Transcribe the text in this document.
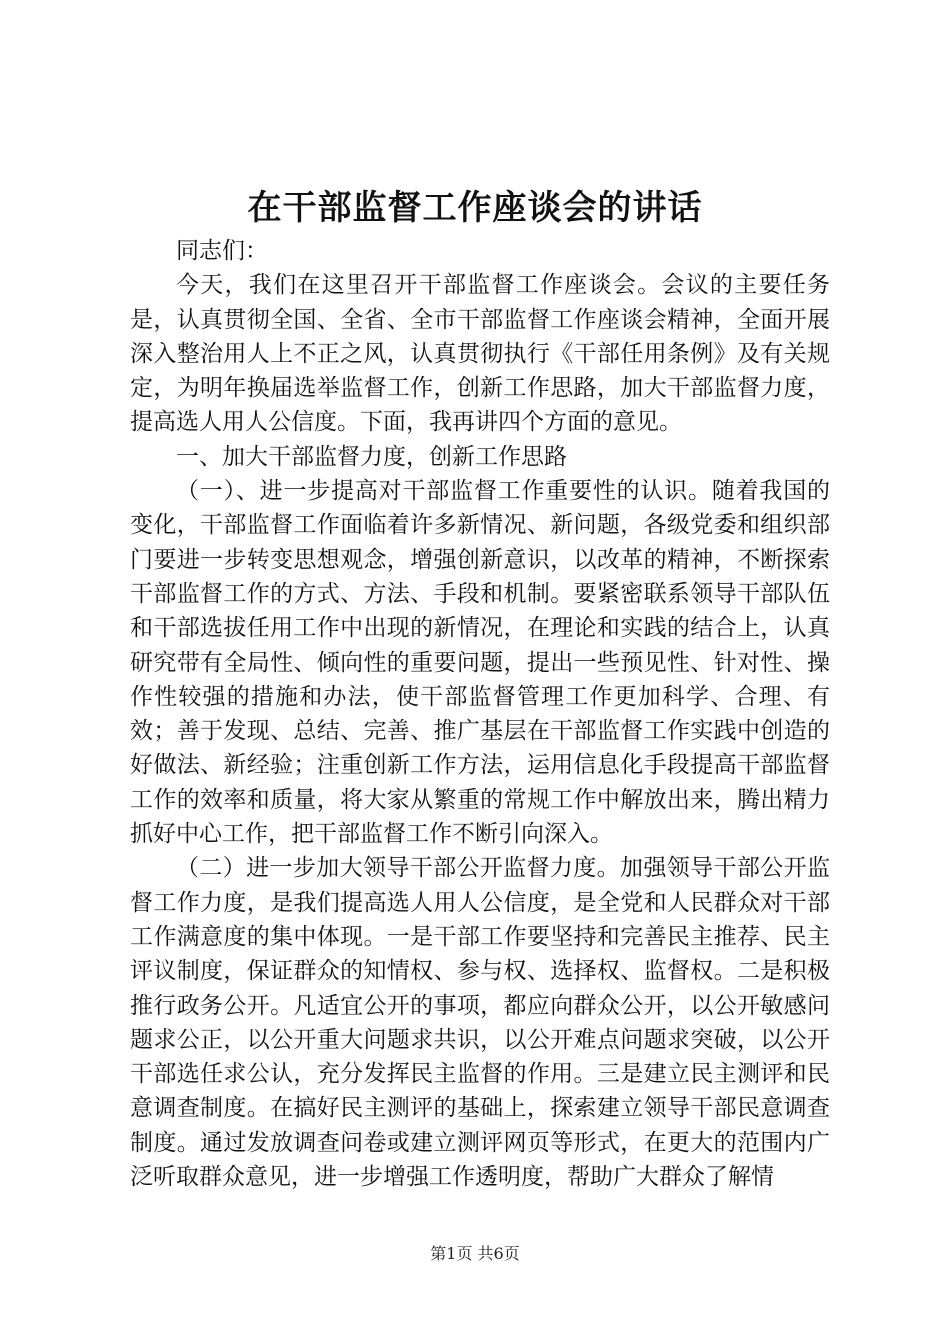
在干部监督工作座谈会的讲话

同志们：

今天，我们在这里召开干部监督工作座谈会。会议的主要任务是，认真贯彻全国、全省、全市干部监督工作座谈会精神，全面开展深入整治用人上不正之风，认真贯彻执行《干部任用条例》及有关规定，为明年换届选举监督工作，创新工作思路，加大干部监督力度，提高选人用人公信度。下面，我再讲四个方面的意见。

一、加大干部监督力度，创新工作思路

（一）、进一步提高对干部监督工作重要性的认识。随着我国的变化，干部监督工作面临着许多新情况、新问题，各级党委和组织部门要进一步转变思想观念，增强创新意识，以改革的精神，不断探索干部监督工作的方式、方法、手段和机制。要紧密联系领导干部队伍和干部选拔任用工作中出现的新情况，在理论和实践的结合上，认真研究带有全局性、倾向性的重要问题，提出一些预见性、针对性、操作性较强的措施和办法，使干部监督管理工作更加科学、合理、有效；善于发现、总结、完善、推广基层在干部监督工作实践中创造的好做法、新经验；注重创新工作方法，运用信息化手段提高干部监督工作的效率和质量，将大家从繁重的常规工作中解放出来，腾出精力抓好中心工作，把干部监督工作不断引向深入。

（二）进一步加大领导干部公开监督力度。加强领导干部公开监督工作力度，是我们提高选人用人公信度，是全党和人民群众对干部工作满意度的集中体现。一是干部工作要坚持和完善民主推荐、民主评议制度，保证群众的知情权、参与权、选择权、监督权。二是积极推行政务公开。凡适宜公开的事项，都应向群众公开，以公开敏感问题求公正，以公开重大问题求共识，以公开难点问题求突破，以公开干部选任求公认，充分发挥民主监督的作用。三是建立民主测评和民意调查制度。在搞好民主测评的基础上，探索建立领导干部民意调查制度。通过发放调查问卷或建立测评网页等形式，在更大的范围内广泛听取群众意见，进一步增强工作透明度，帮助广大群众了解情

第1页 共6页
